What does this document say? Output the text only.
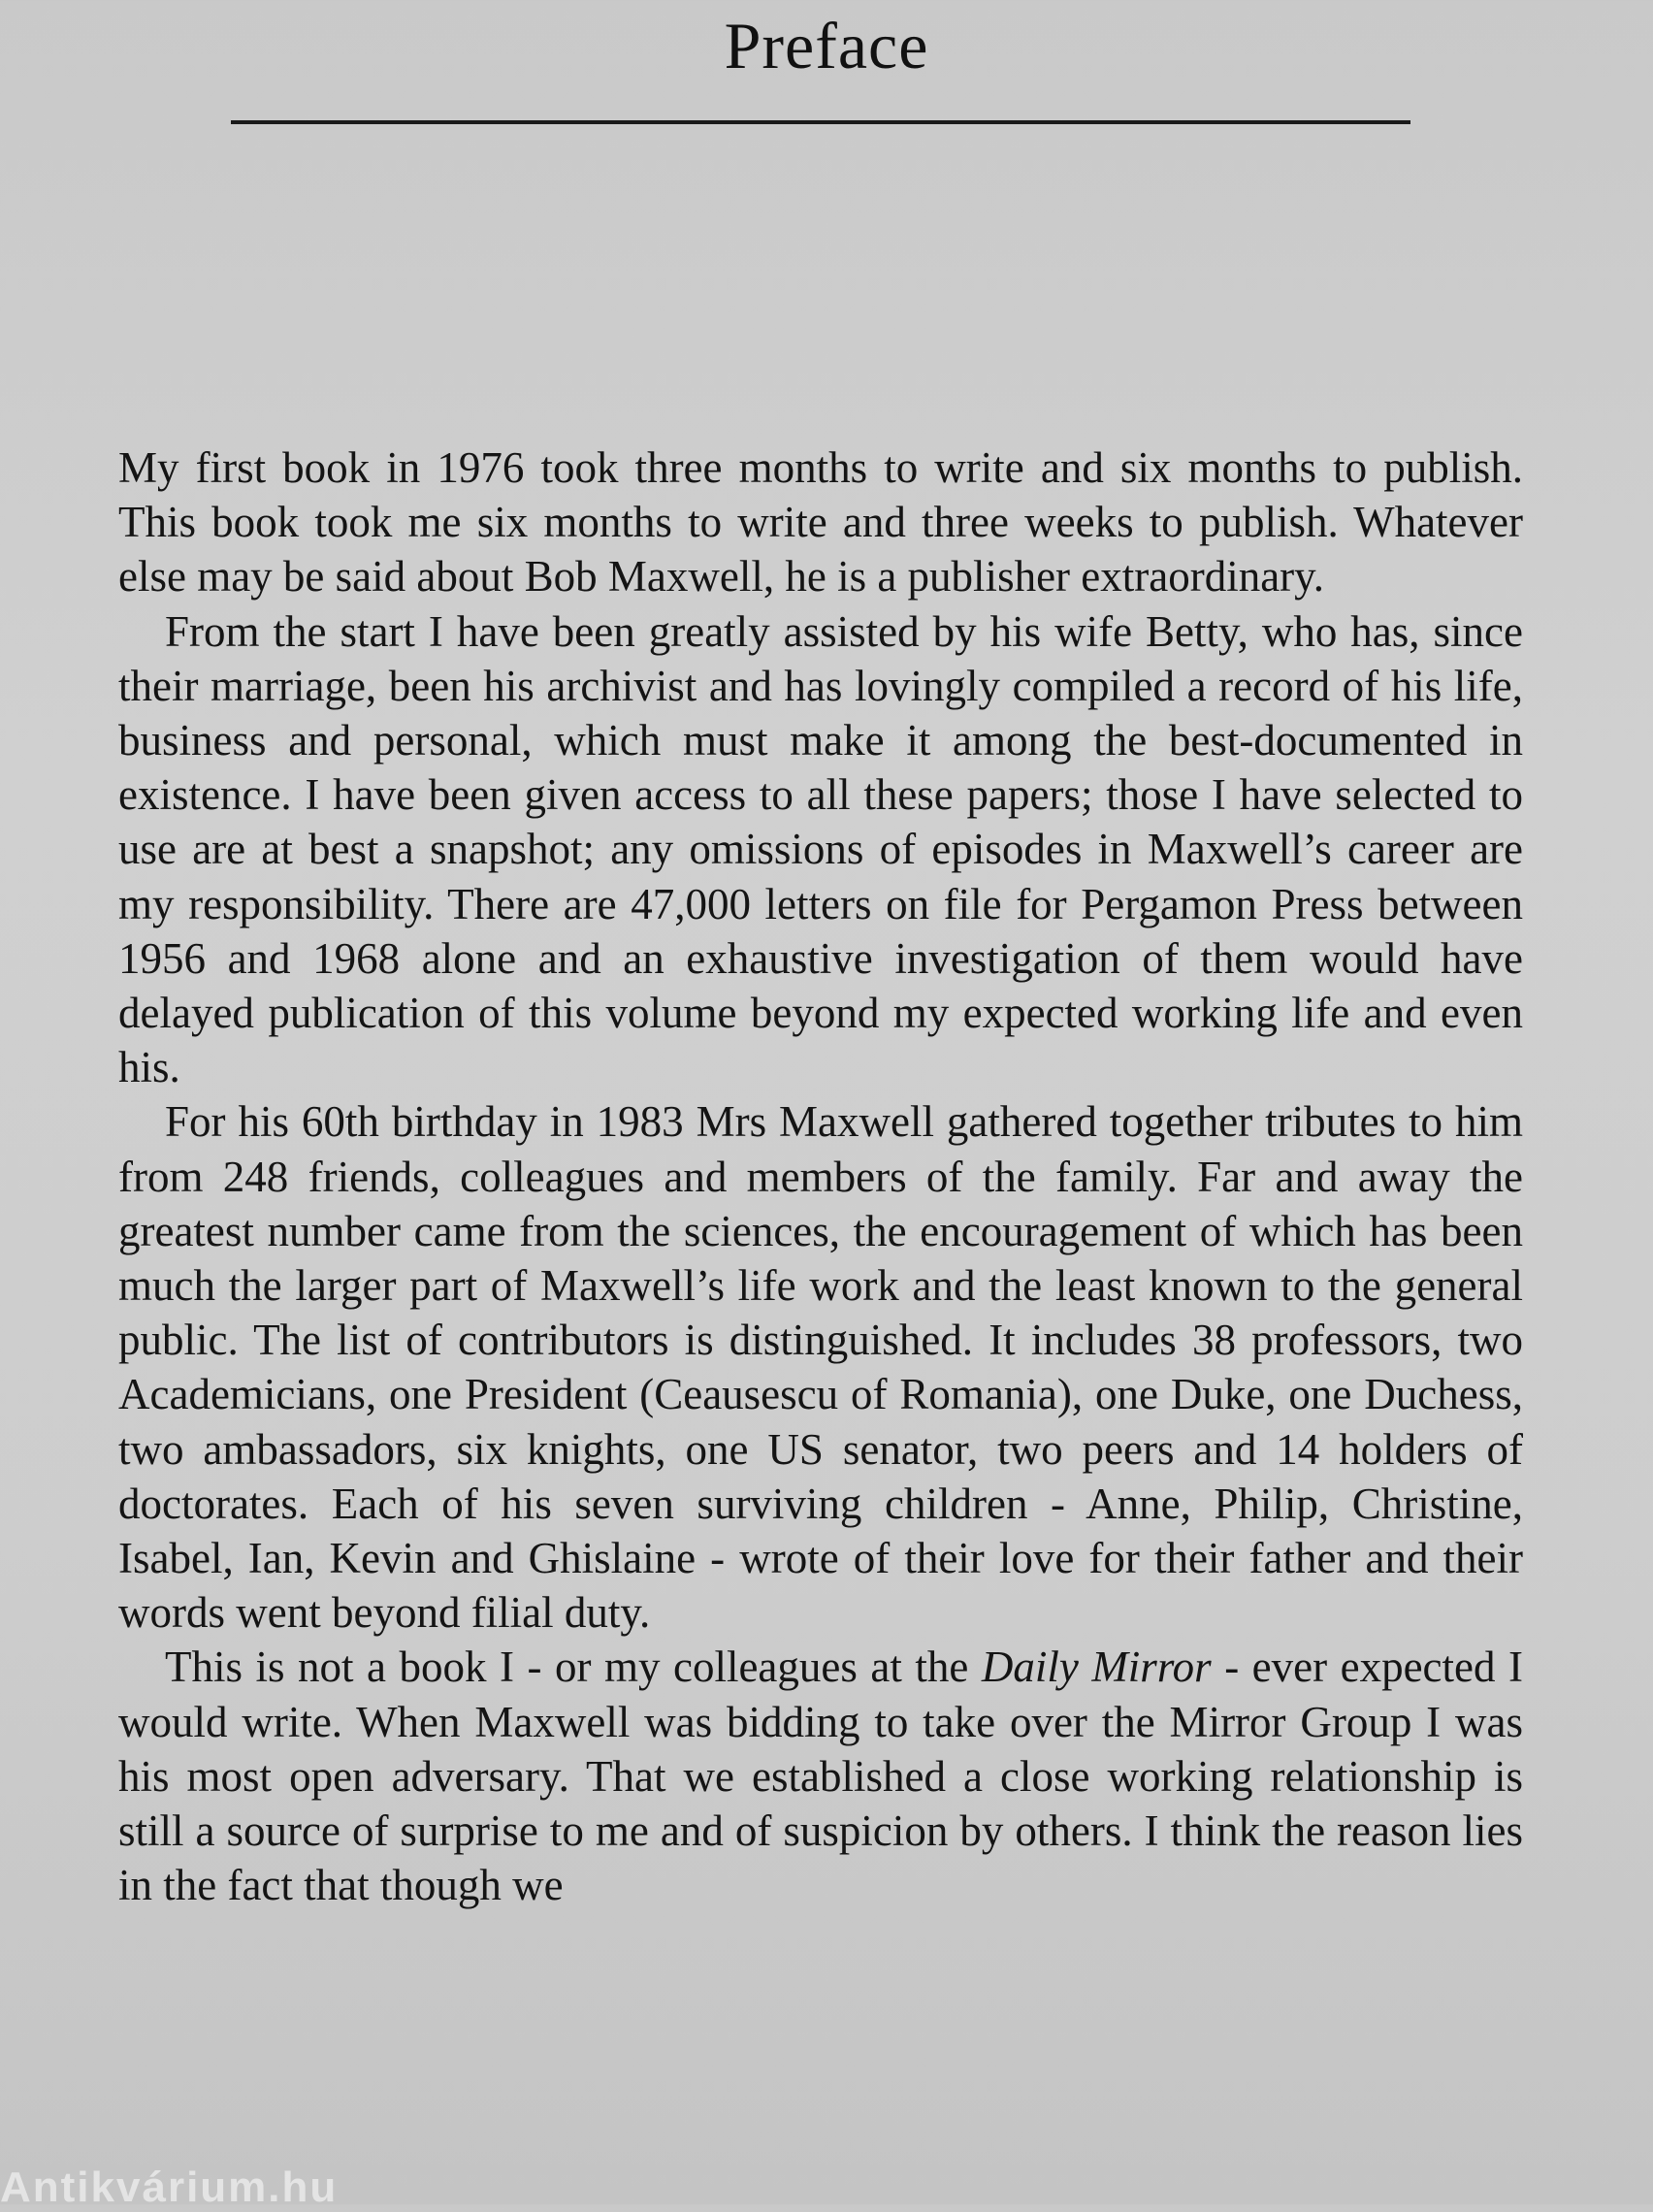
Preface

My first book in 1976 took three months to write and six months to publish. This book took me six months to write and three weeks to publish. Whatever else may be said about Bob Maxwell, he is a publisher extraordinary.

From the start I have been greatly assisted by his wife Betty, who has, since their marriage, been his archivist and has lovingly compiled a record of his life, business and personal, which must make it among the best-documented in existence. I have been given access to all these papers; those I have selected to use are at best a snapshot; any omissions of episodes in Maxwell’s career are my responsibility. There are 47,000 letters on file for Pergamon Press between 1956 and 1968 alone and an exhaustive investigation of them would have delayed publication of this volume beyond my expected working life and even his.

For his 60th birthday in 1983 Mrs Maxwell gathered together tributes to him from 248 friends, colleagues and members of the family. Far and away the greatest number came from the sciences, the encouragement of which has been much the larger part of Maxwell’s life work and the least known to the general public. The list of contributors is distinguished. It includes 38 professors, two Academicians, one President (Ceausescu of Romania), one Duke, one Duchess, two ambassadors, six knights, one US senator, two peers and 14 holders of doctorates. Each of his seven surviving children - Anne, Philip, Christine, Isabel, Ian, Kevin and Ghislaine - wrote of their love for their father and their words went beyond filial duty.

This is not a book I - or my colleagues at the Daily Mirror - ever expected I would write. When Maxwell was bidding to take over the Mirror Group I was his most open adversary. That we established a close working relationship is still a source of surprise to me and of suspicion by others. I think the reason lies in the fact that though we

Antikvárium.hu
